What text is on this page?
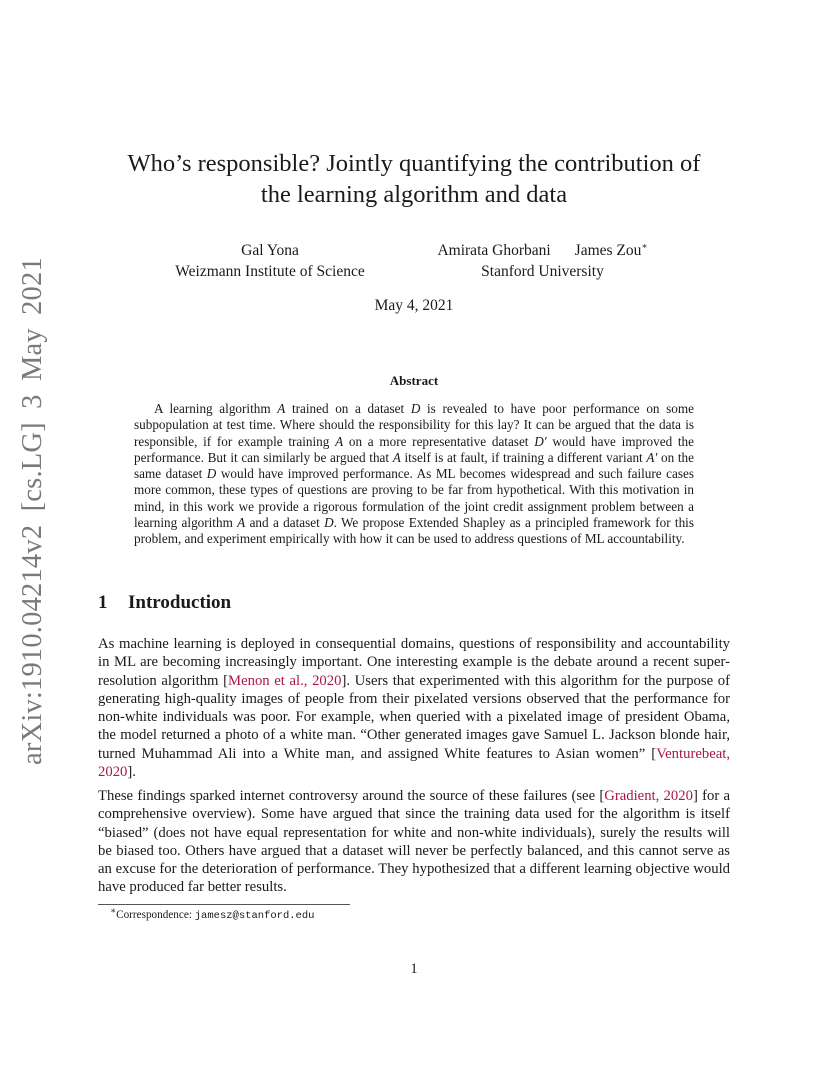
arXiv:1910.04214v2 [cs.LG] 3 May 2021
Who’s responsible? Jointly quantifying the contribution of
the learning algorithm and data
Gal Yona
Weizmann Institute of Science
Amirata Ghorbani James Zou∗
Stanford University
May 4, 2021
Abstract
A learning algorithm A trained on a dataset D is revealed to have poor performance on some subpopulation at test time. Where should the responsibility for this lay? It can be argued that the data is responsible, if for example training A on a more representative dataset D′ would have improved the performance. But it can similarly be argued that A itself is at fault, if training a different variant A′ on the same dataset D would have improved performance. As ML becomes widespread and such failure cases more common, these types of questions are proving to be far from hypothetical. With this motivation in mind, in this work we provide a rigorous formulation of the joint credit assignment problem between a learning algorithm A and a dataset D. We propose Extended Shapley as a principled framework for this problem, and experiment empirically with how it can be used to address questions of ML accountability.
1 Introduction
As machine learning is deployed in consequential domains, questions of responsibility and accountability in ML are becoming increasingly important. One interesting example is the debate around a recent super-resolution algorithm [Menon et al., 2020]. Users that experimented with this algorithm for the purpose of generating high-quality images of people from their pixelated versions observed that the performance for non-white individuals was poor. For example, when queried with a pixelated image of president Obama, the model returned a photo of a white man. “Other generated images gave Samuel L. Jackson blonde hair, turned Muhammad Ali into a White man, and assigned White features to Asian women” [Venturebeat, 2020].
These findings sparked internet controversy around the source of these failures (see [Gradient, 2020] for a comprehensive overview). Some have argued that since the training data used for the algorithm is itself “biased” (does not have equal representation for white and non-white individuals), surely the results will be biased too. Others have argued that a dataset will never be perfectly balanced, and this cannot serve as an excuse for the deterioration of performance. They hypothesized that a different learning objective would have produced far better results.
∗Correspondence: jamesz@stanford.edu
1
